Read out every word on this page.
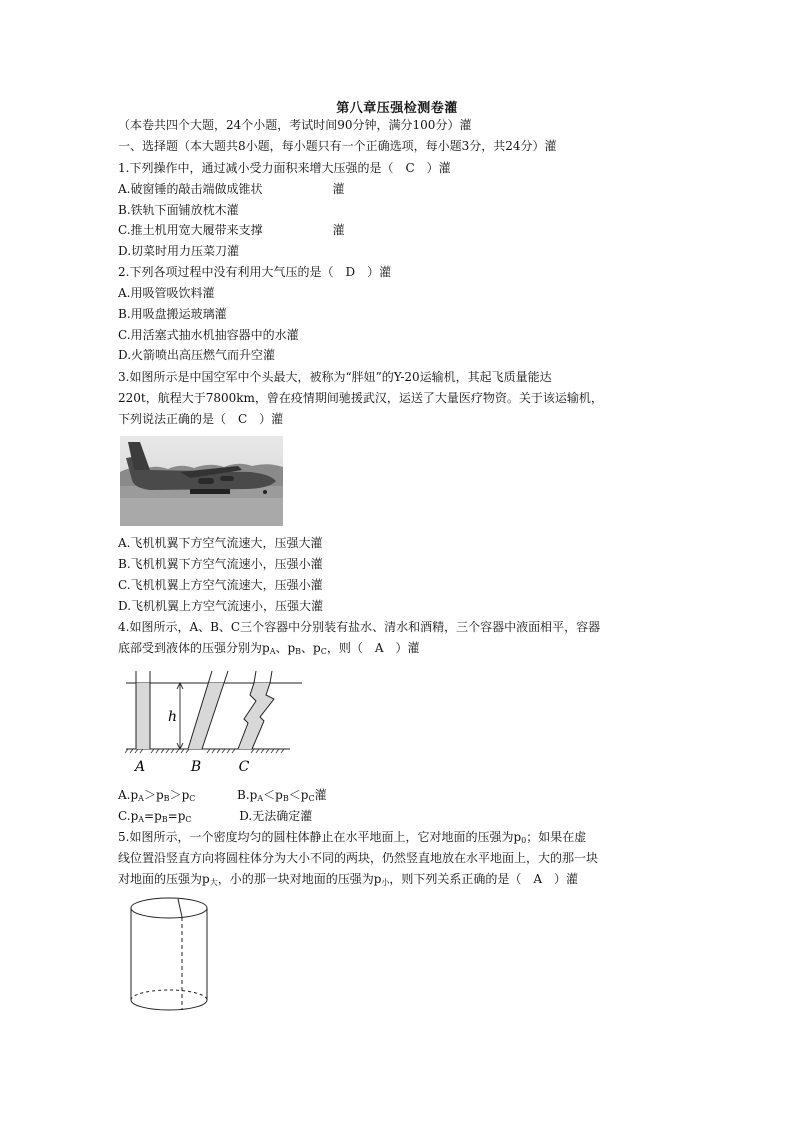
第八章压强检测卷灌
（本卷共四个大题，24个小题，考试时间90分钟，满分100分）灌
一、选择题（本大题共8小题，每小题只有一个正确选项，每小题3分，共24分）灌
1.下列操作中，通过减小受力面积来增大压强的是（　C　）灌
A.破窗锤的敲击端做成锥状	灌
B.铁轨下面铺放枕木灌
C.推土机用宽大履带来支撑	灌
D.切菜时用力压菜刀灌
2.下列各项过程中没有利用大气压的是（　D　）灌
A.用吸管吸饮料灌
B.用吸盘搬运玻璃灌
C.用活塞式抽水机抽容器中的水灌
D.火箭喷出高压燃气而升空灌
3.如图所示是中国空军中个头最大，被称为“胖妞”的Y-20运输机，其起飞质量能达
220t，航程大于7800km，曾在疫情期间驰援武汉，运送了大量医疗物资。关于该运输机，
下列说法正确的是（　C　）灌
A.飞机机翼下方空气流速大，压强大灌
B.飞机机翼下方空气流速小，压强小灌
C.飞机机翼上方空气流速大，压强小灌
D.飞机机翼上方空气流速小，压强大灌
4.如图所示，A、B、C三个容器中分别装有盐水、清水和酒精，三个容器中液面相平，容器
底部受到液体的压强分别为$p_A$、$p_B$、$p_C$，则（　A　）灌
h
A	B	C
$A.p_A>p_B>p_C$	$B.p_A<p_B<p_C$灌
$C.p_A=p_B=p_C$	D.无法确定灌
5.如图所示，一个密度均匀的圆柱体静止在水平地面上，它对地面的压强为$p_0$；如果在虚
线位置沿竖直方向将圆柱体分为大小不同的两块，仍然竖直地放在水平地面上，大的那一块
对地面的压强为$p_大$，小的那一块对地面的压强为$p_小$，则下列关系正确的是（　A　）灌
